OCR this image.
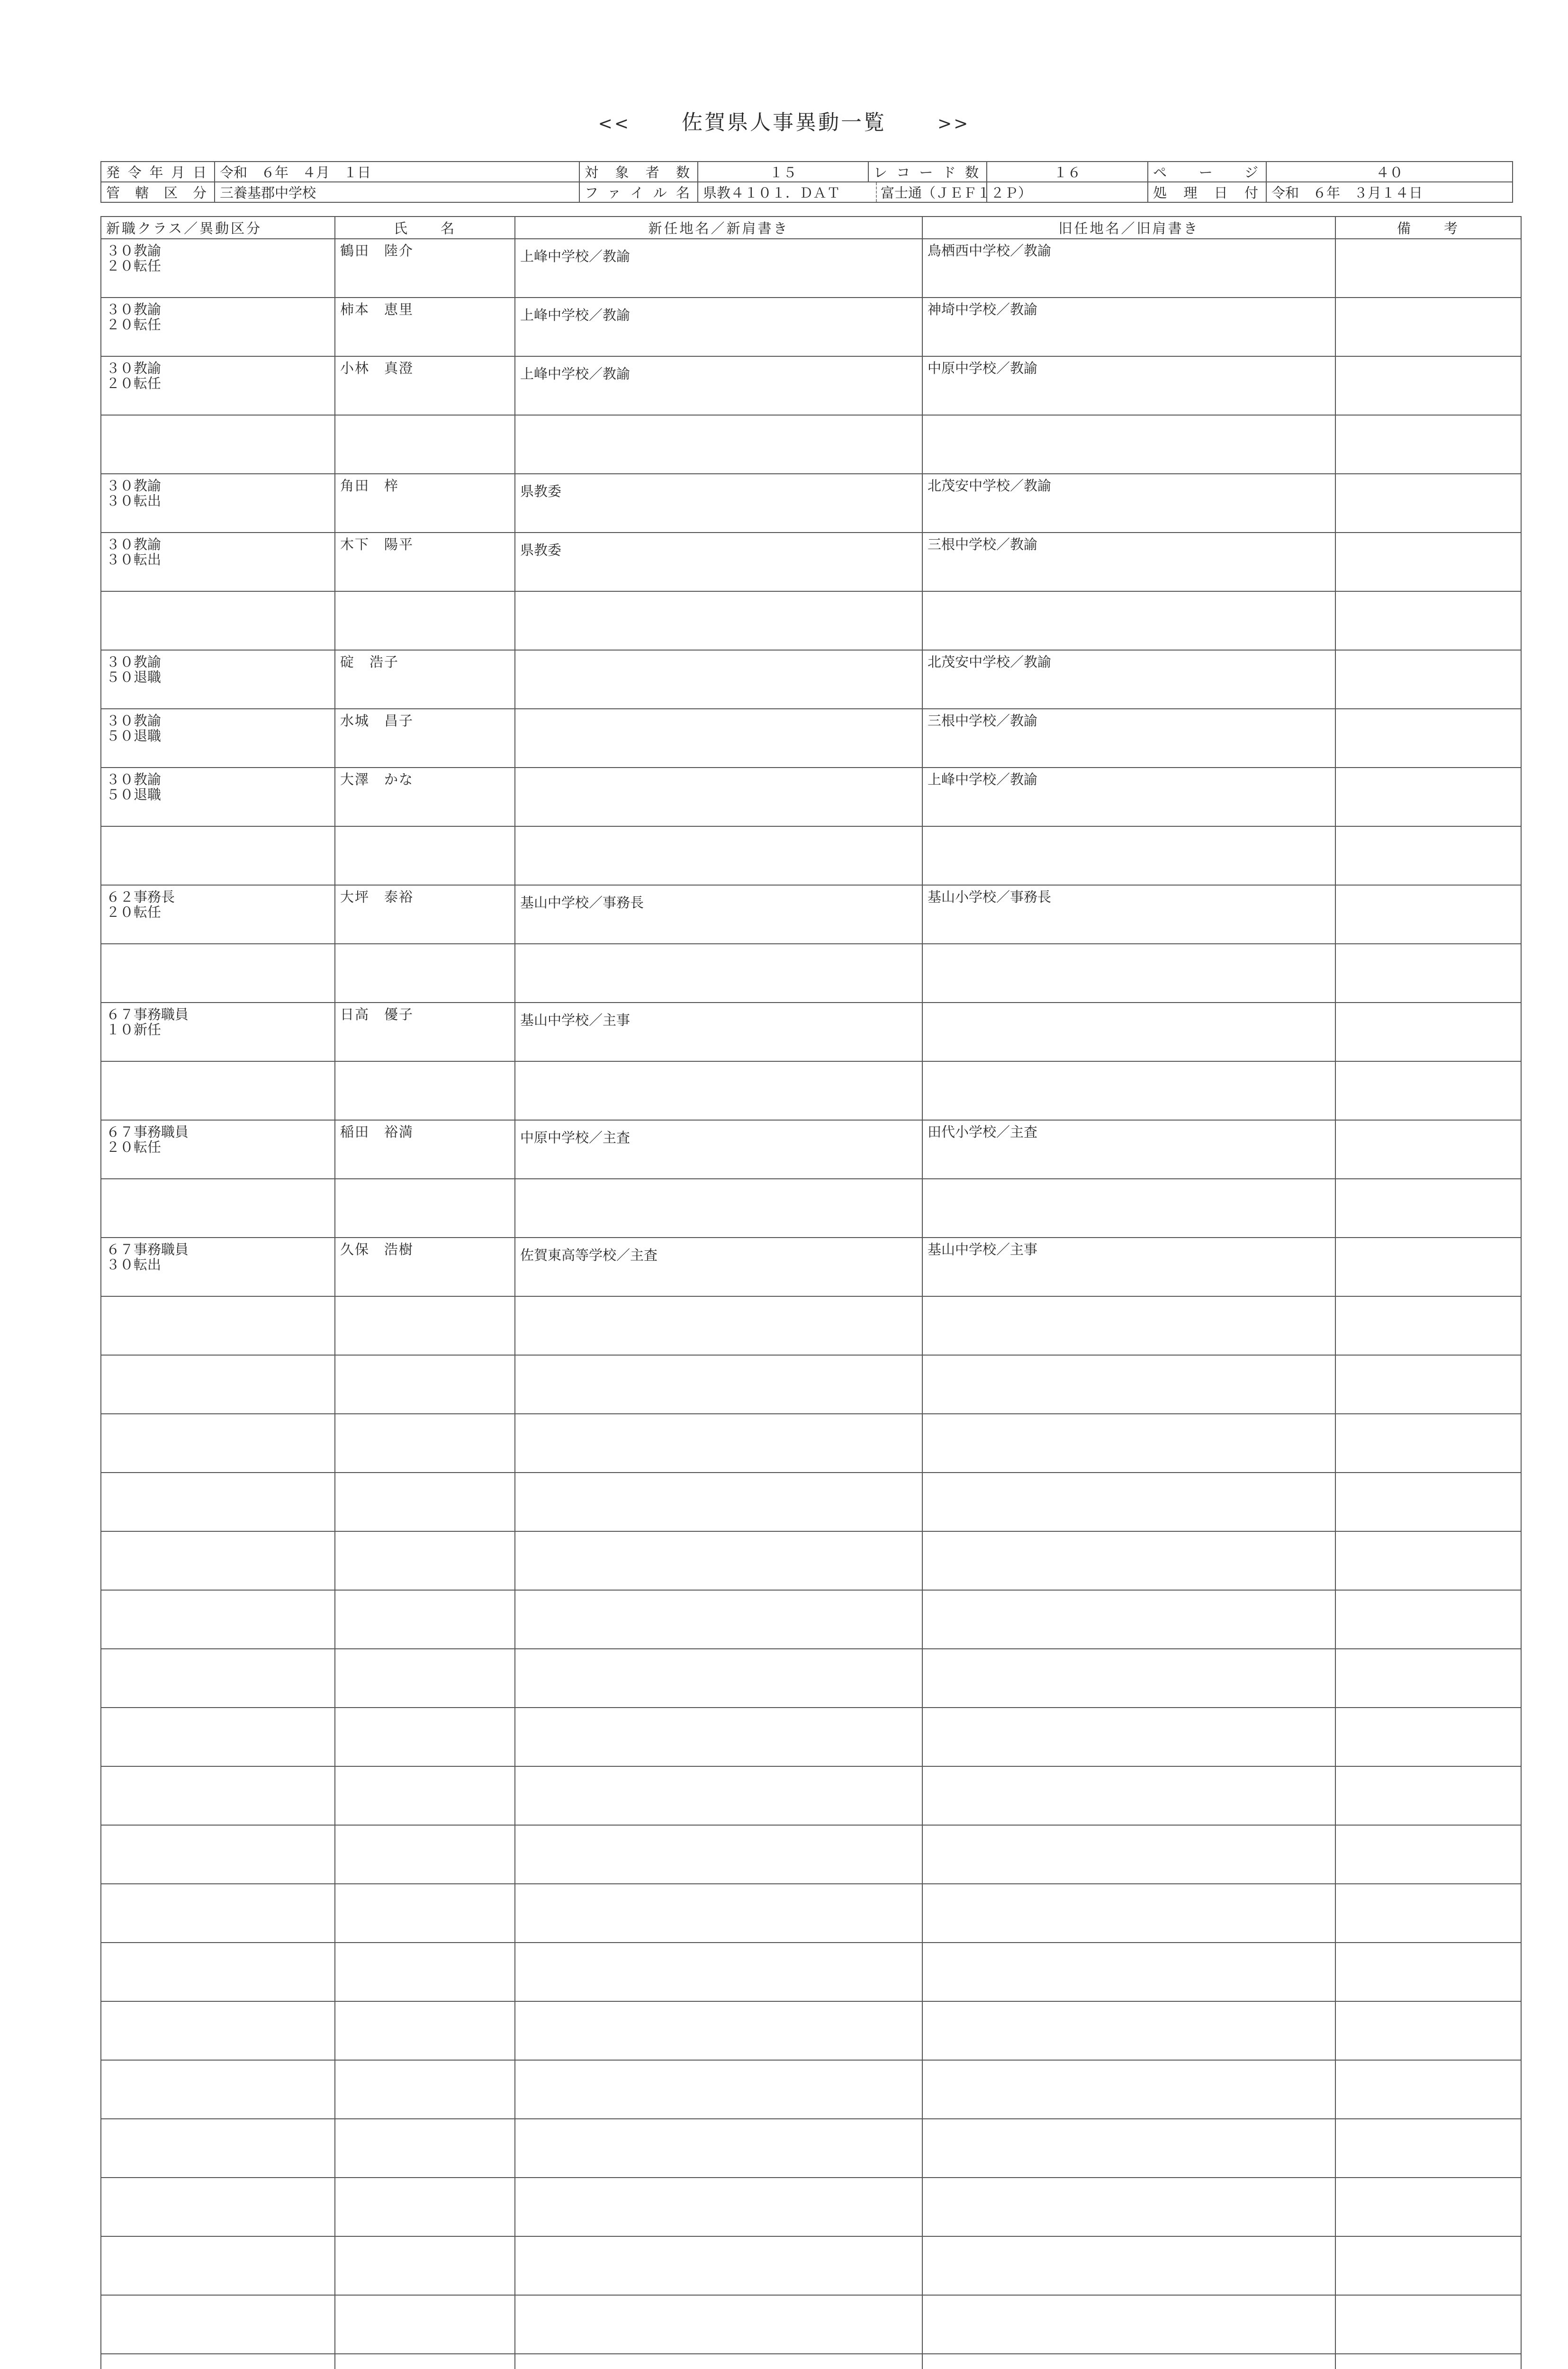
<< 佐賀県人事異動一覧	>>
発令年月日	令和　６年　４月　１日	対象者数	１５	レコード数	１６	ページ	４０
管轄区分	三養基郡中学校	ファイル名	県教４１０１．ＤＡＴ 富士通（ＪＥＦ１２Ｐ）			処理日付	令和　６年　３月１４日
新職クラス／異動区分	氏　　名	新任地名／新肩書き	旧任地名／旧肩書き	備　　考

３０教諭
２０転任	鶴田　陸介	上峰中学校／教諭	鳥栖西中学校／教諭	

３０教諭
２０転任	柿本　恵里	上峰中学校／教諭	神埼中学校／教諭	

３０教諭
２０転任	小林　真澄	上峰中学校／教諭	中原中学校／教諭	

３０教諭
３０転出	角田　梓	県教委	北茂安中学校／教諭	

３０教諭
３０転出	木下　陽平	県教委	三根中学校／教諭	

３０教諭
５０退職	碇　浩子		北茂安中学校／教諭	

３０教諭
５０退職	水城　昌子		三根中学校／教諭	

３０教諭
５０退職	大澤　かな		上峰中学校／教諭	

６２事務長
２０転任	大坪　泰裕	基山中学校／事務長	基山小学校／事務長	

６７事務職員
１０新任	日高　優子	基山中学校／主事		

６７事務職員
２０転任	稲田　裕満	中原中学校／主査	田代小学校／主査	

６７事務職員
３０転出	久保　浩樹	佐賀東高等学校／主査	基山中学校／主事	
